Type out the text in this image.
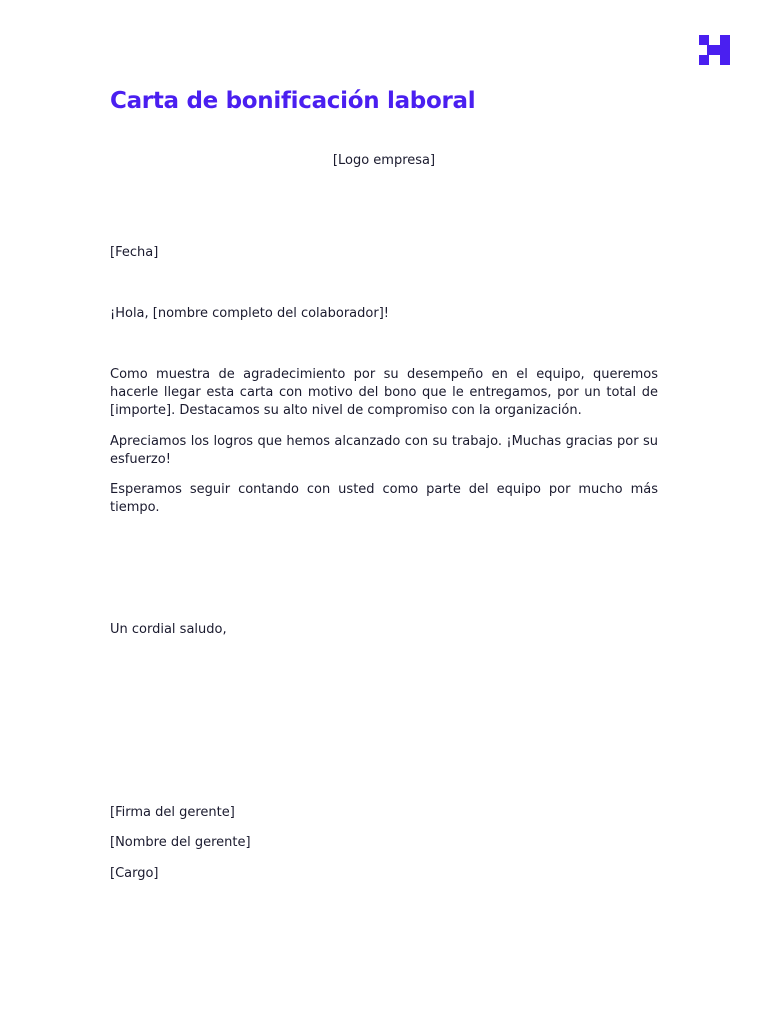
Carta de bonificación laboral
[Logo empresa]

[Fecha]

¡Hola, [nombre completo del colaborador]!

Como muestra de agradecimiento por su desempeño en el equipo, queremos hacerle llegar esta carta con motivo del bono que le entregamos, por un total de [importe]. Destacamos su alto nivel de compromiso con la organización.

Apreciamos los logros que hemos alcanzado con su trabajo. ¡Muchas gracias por su esfuerzo!

Esperamos seguir contando con usted como parte del equipo por mucho más tiempo.

Un cordial saludo,

[Firma del gerente]

[Nombre del gerente]

[Cargo]
